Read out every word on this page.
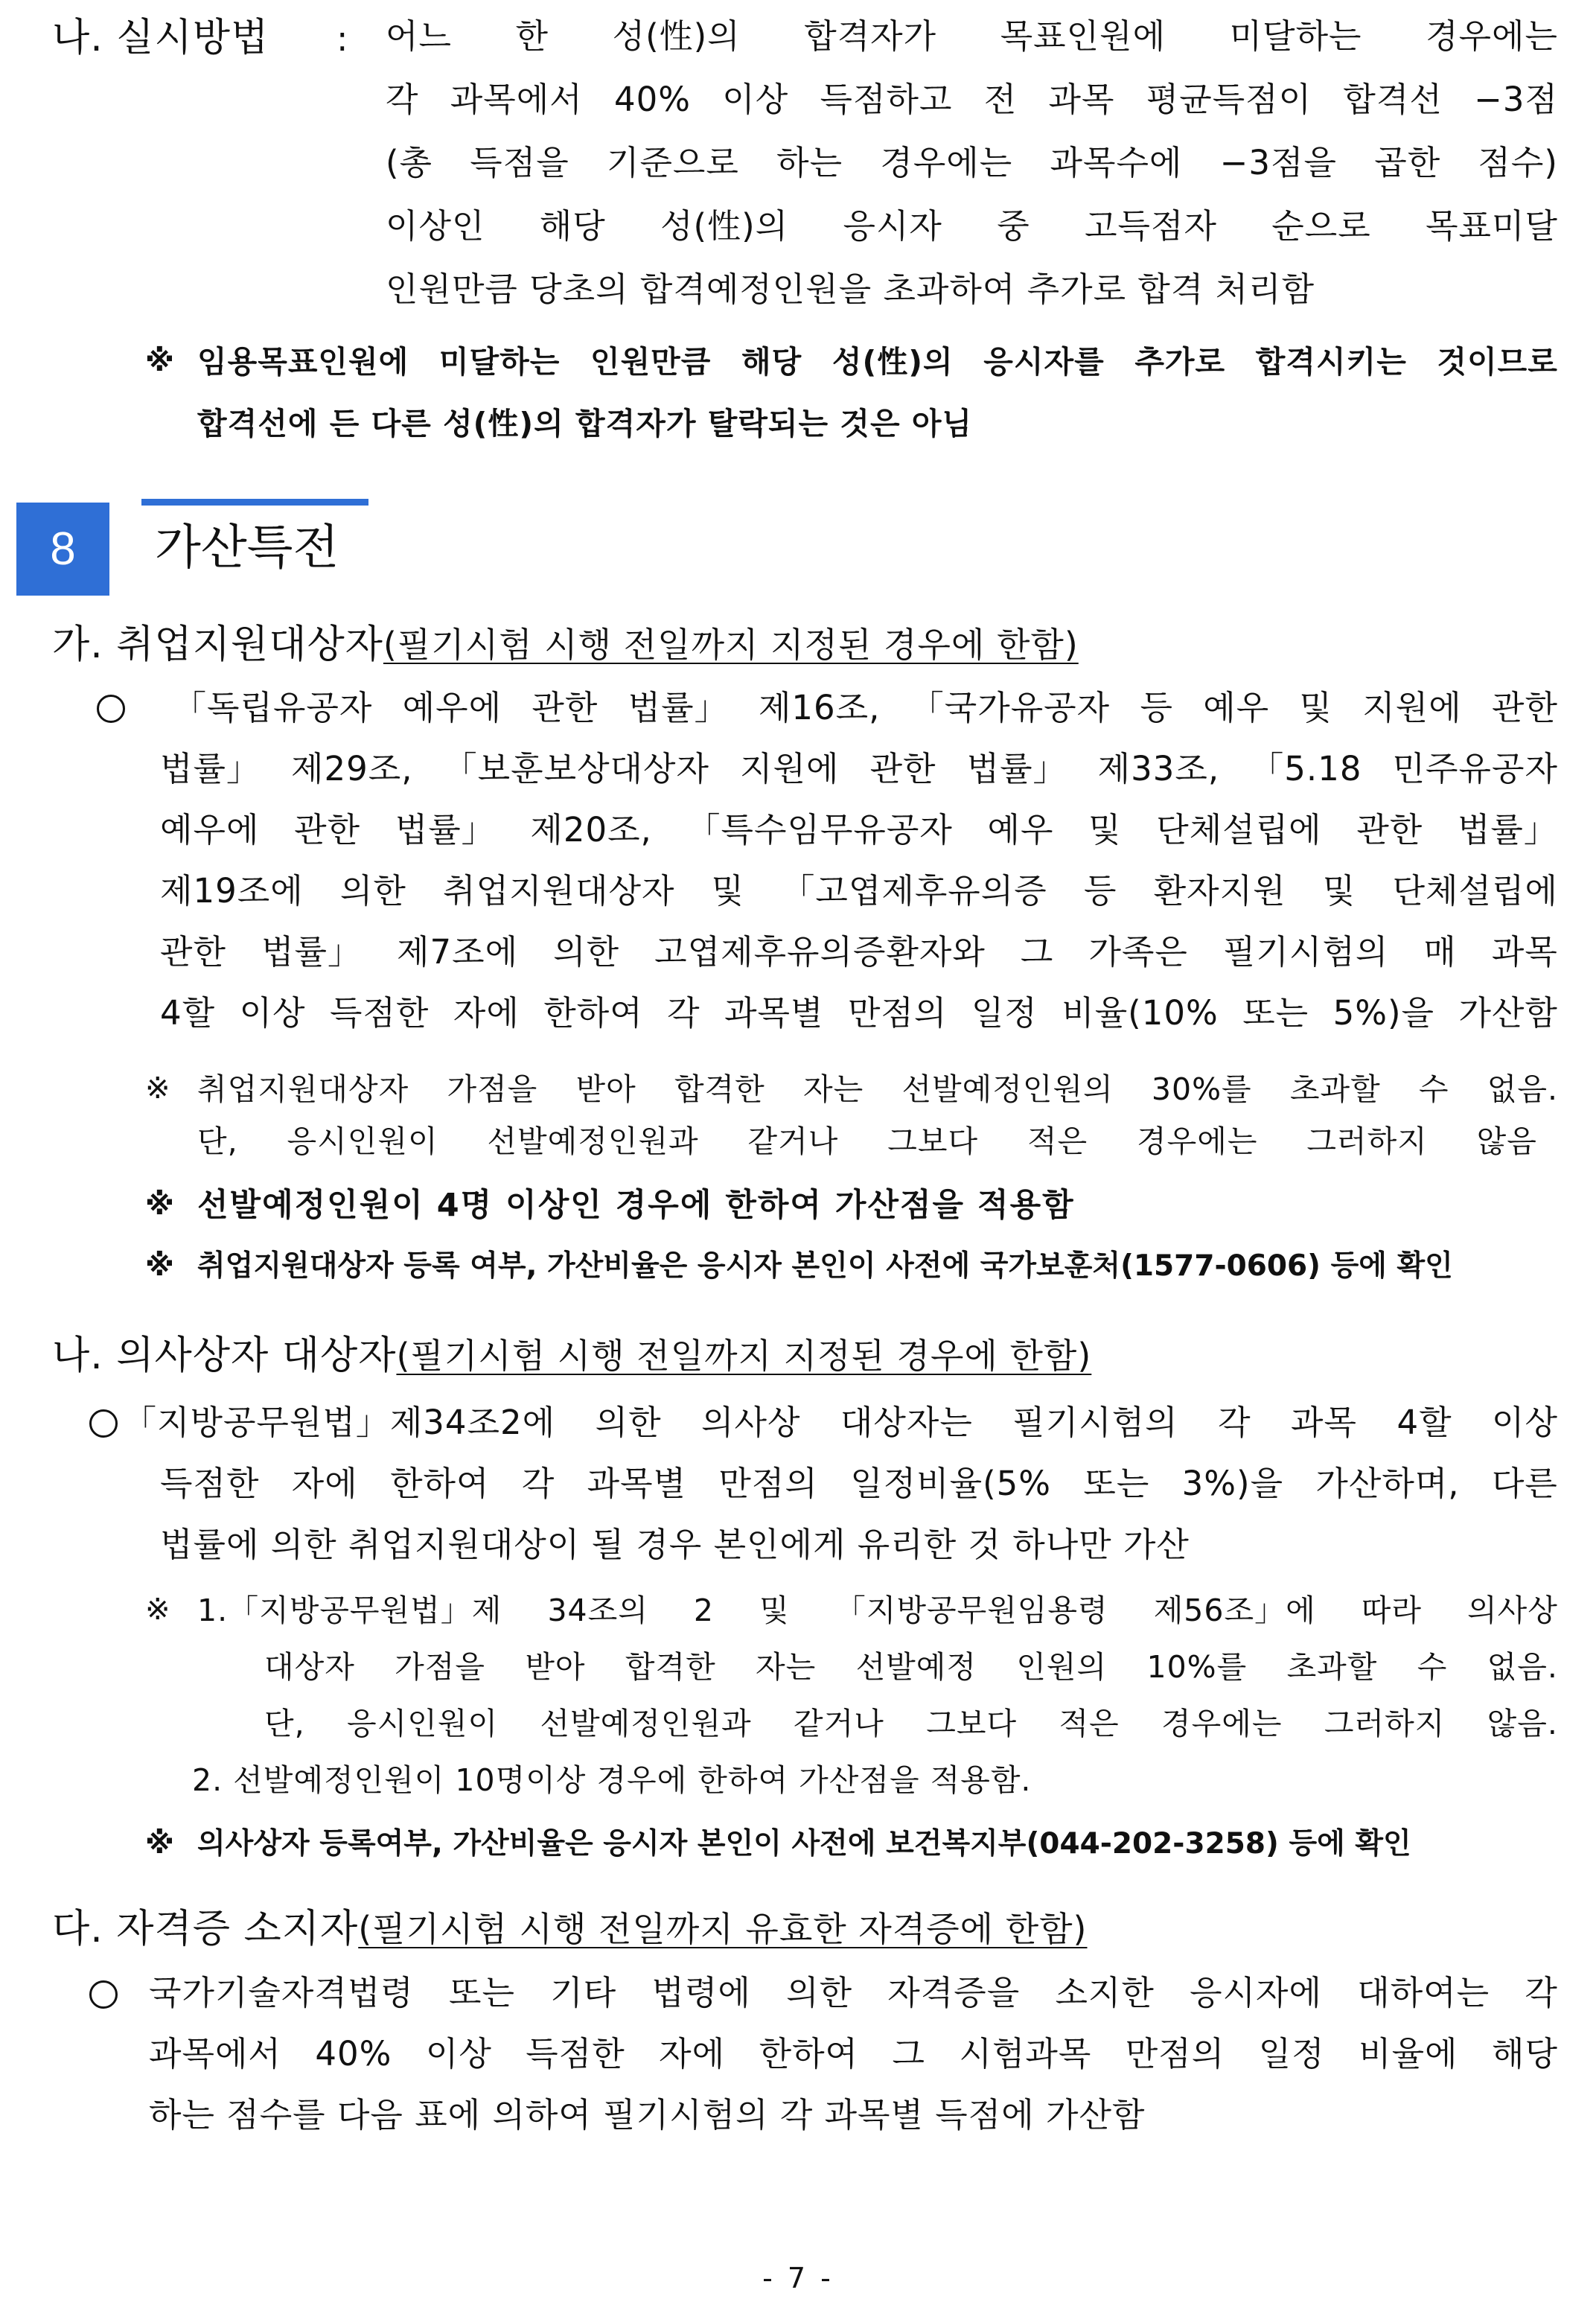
나. 실시방법 : 어느 한 성(性)의 합격자가 목표인원에 미달하는 경우에는
각 과목에서 40% 이상 득점하고 전 과목 평균득점이 합격선 −3점
(총 득점을 기준으로 하는 경우에는 과목수에 −3점을 곱한 점수)
이상인 해당 성(性)의 응시자 중 고득점자 순으로 목표미달
인원만큼 당초의 합격예정인원을 초과하여 추가로 합격 처리함
※ 임용목표인원에 미달하는 인원만큼 해당 성(性)의 응시자를 추가로 합격시키는 것이므로
합격선에 든 다른 성(性)의 합격자가 탈락되는 것은 아님
8	가산특전
가. 취업지원대상자 (필기시험 시행 전일까지 지정된 경우에 한함)
「독립유공자 예우에 관한 법률」 제16조, 「국가유공자 등 예우 및 지원에 관한
법률」 제29조, 「보훈보상대상자 지원에 관한 법률」 제33조, 「5.18 민주유공자
예우에 관한 법률」 제20조, 「특수임무유공자 예우 및 단체설립에 관한 법률」
제19조에 의한 취업지원대상자 및 「고엽제후유의증 등 환자지원 및 단체설립에
관한 법률」 제7조에 의한 고엽제후유의증환자와 그 가족은 필기시험의 매 과목
4할 이상 득점한 자에 한하여 각 과목별 만점의 일정 비율(10% 또는 5%)을 가산함
※ 취업지원대상자 가점을 받아 합격한 자는 선발예정인원의 30%를 초과할 수 없음.
단, 응시인원이 선발예정인원과 같거나 그보다 적은 경우에는 그러하지 않음
※ 선발예정인원이 4명 이상인 경우에 한하여 가산점을 적용함
※ 취업지원대상자 등록 여부, 가산비율은 응시자 본인이 사전에 국가보훈처(1577-0606) 등에 확인
나. 의사상자 대상자 (필기시험 시행 전일까지 지정된 경우에 한함)
「지방공무원법」제34조2에 의한 의사상 대상자는 필기시험의 각 과목 4할 이상
득점한 자에 한하여 각 과목별 만점의 일정비율(5% 또는 3%)을 가산하며, 다른
법률에 의한 취업지원대상이 될 경우 본인에게 유리한 것 하나만 가산
※ 1.「지방공무원법」제 34조의 2 및 「지방공무원임용령 제56조」에 따라 의사상
대상자 가점을 받아 합격한 자는 선발예정 인원의 10%를 초과할 수 없음.
단, 응시인원이 선발예정인원과 같거나 그보다 적은 경우에는 그러하지 않음.
2. 선발예정인원이 10명이상 경우에 한하여 가산점을 적용함.
※ 의사상자 등록여부, 가산비율은 응시자 본인이 사전에 보건복지부(044-202-3258) 등에 확인
다. 자격증 소지자 (필기시험 시행 전일까지 유효한 자격증에 한함)
국가기술자격법령 또는 기타 법령에 의한 자격증을 소지한 응시자에 대하여는 각
과목에서 40% 이상 득점한 자에 한하여 그 시험과목 만점의 일정 비율에 해당
하는 점수를 다음 표에 의하여 필기시험의 각 과목별 득점에 가산함
- 7 -
